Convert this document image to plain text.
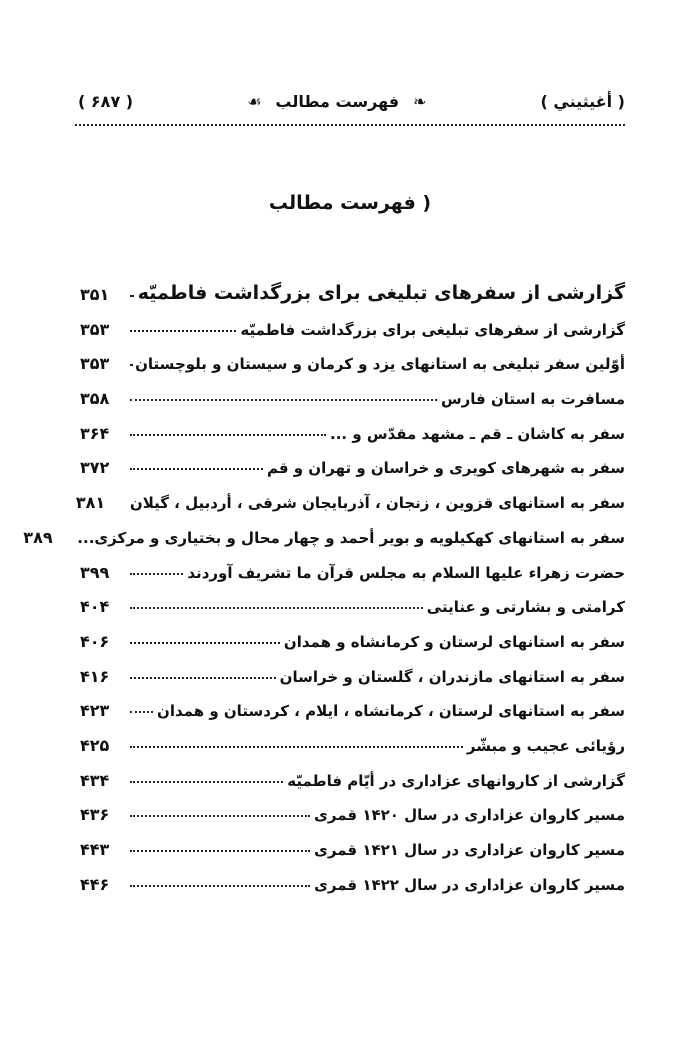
( أغيثيني )
❧
فهرست مطالب
☙
( ۶۸۷ )
( فهرست مطالب
گزارشی از سفرهای تبلیغی برای بزرگداشت فاطمیّه
۳۵۱
گزارشی از سفرهای تبلیغی برای بزرگداشت فاطمیّه
۳۵۳
أوّلین سفر تبلیغی به استانهای یزد و کرمان و سیستان و بلوچستان
۳۵۳
مسافرت به استان فارس
۳۵۸
سفر به کاشان ـ قم ـ مشهد مقدّس و ...
۳۶۴
سفر به شهرهای کویری و خراسان و تهران و قم
۳۷۲
سفر به استانهای قزوین ، زنجان ، آذربایجان شرقی ، أردبیل ، گیلان
۳۸۱
سفر به استانهای کهکیلویه و بویر أحمد و چهار محال و بختیاری و مرکزی...
۳۸۹
حضرت زهراء عليها السلام به مجلس قرآن ما تشریف آوردند
۳۹۹
کرامتی و بشارتی و عنایتی
۴۰۴
سفر به استانهای لرستان و کرمانشاه و همدان
۴۰۶
سفر به استانهای مازندران ، گلستان و خراسان
۴۱۶
سفر به استانهای لرستان ، کرمانشاه ، ایلام ، کردستان و همدان
۴۲۳
رؤیائی عجیب و مبشّر
۴۲۵
گزارشی از کاروانهای عزاداری در أیّام فاطمیّه
۴۳۴
مسیر کاروان عزاداری در سال ۱۴۲۰ قمری
۴۳۶
مسیر کاروان عزاداری در سال ۱۴۲۱ قمری
۴۴۳
مسیر کاروان عزاداری در سال ۱۴۲۲ قمری
۴۴۶
